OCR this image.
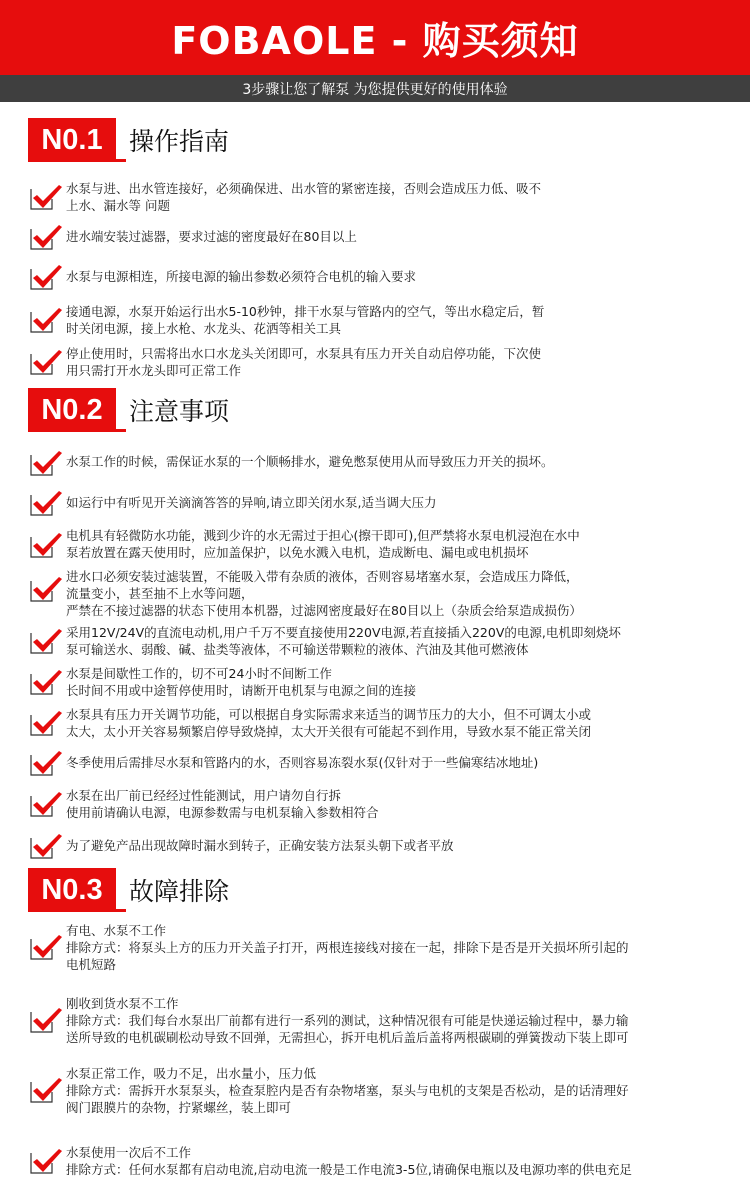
FOBAOLE - 购买须知
3步骤让您了解泵 为您提供更好的使用体验
N0.1	操作指南
水泵与进、出水管连接好，必须确保进、出水管的紧密连接，否则会造成压力低、吸不
上水、漏水等 问题
进水端安装过滤器，要求过滤的密度最好在80目以上
水泵与电源相连，所接电源的输出参数必须符合电机的输入要求
接通电源，水泵开始运行出水5-10秒钟，排干水泵与管路内的空气，等出水稳定后，暂
时关闭电源，接上水枪、水龙头、花洒等相关工具
停止使用时，只需将出水口水龙头关闭即可，水泵具有压力开关自动启停功能，下次使
用只需打开水龙头即可正常工作
N0.2	注意事项
水泵工作的时候，需保证水泵的一个顺畅排水，避免憋泵使用从而导致压力开关的损坏。
如运行中有听见开关滴滴答答的异响,请立即关闭水泵,适当调大压力
电机具有轻微防水功能，溅到少许的水无需过于担心(擦干即可),但严禁将水泵电机浸泡在水中
泵若放置在露天使用时，应加盖保护，以免水溅入电机，造成断电、漏电或电机损坏
进水口必须安装过滤装置，不能吸入带有杂质的液体，否则容易堵塞水泵，会造成压力降低，
流量变小，甚至抽不上水等问题，
严禁在不接过滤器的状态下使用本机器，过滤网密度最好在80目以上（杂质会给泵造成损伤）
采用12V/24V的直流电动机,用户千万不要直接使用220V电源,若直接插入220V的电源,电机即刻烧坏
泵可输送水、弱酸、碱、盐类等液体，不可输送带颗粒的液体、汽油及其他可燃液体
水泵是间歇性工作的，切不可24小时不间断工作
长时间不用或中途暂停使用时，请断开电机泵与电源之间的连接
水泵具有压力开关调节功能，可以根据自身实际需求来适当的调节压力的大小，但不可调太小或
太大，太小开关容易频繁启停导致烧掉，太大开关很有可能起不到作用，导致水泵不能正常关闭
冬季使用后需排尽水泵和管路内的水，否则容易冻裂水泵(仅针对于一些偏寒结冰地址)
水泵在出厂前已经经过性能测试，用户请勿自行拆
使用前请确认电源，电源参数需与电机泵输入参数相符合
为了避免产品出现故障时漏水到转子，正确安装方法泵头朝下或者平放
N0.3	故障排除
有电、水泵不工作
排除方式：将泵头上方的压力开关盖子打开，两根连接线对接在一起，排除下是否是开关损坏所引起的
电机短路
刚收到货水泵不工作
排除方式：我们每台水泵出厂前都有进行一系列的测试，这种情况很有可能是快递运输过程中，暴力输
送所导致的电机碳刷松动导致不回弹，无需担心，拆开电机后盖后盖将两根碳刷的弹簧拨动下装上即可
水泵正常工作，吸力不足，出水量小，压力低
排除方式：需拆开水泵泵头，检查泵腔内是否有杂物堵塞，泵头与电机的支架是否松动，是的话清理好
阀门跟膜片的杂物，拧紧螺丝，装上即可
水泵使用一次后不工作
排除方式：任何水泵都有启动电流,启动电流一般是工作电流3-5位,请确保电瓶以及电源功率的供电充足
